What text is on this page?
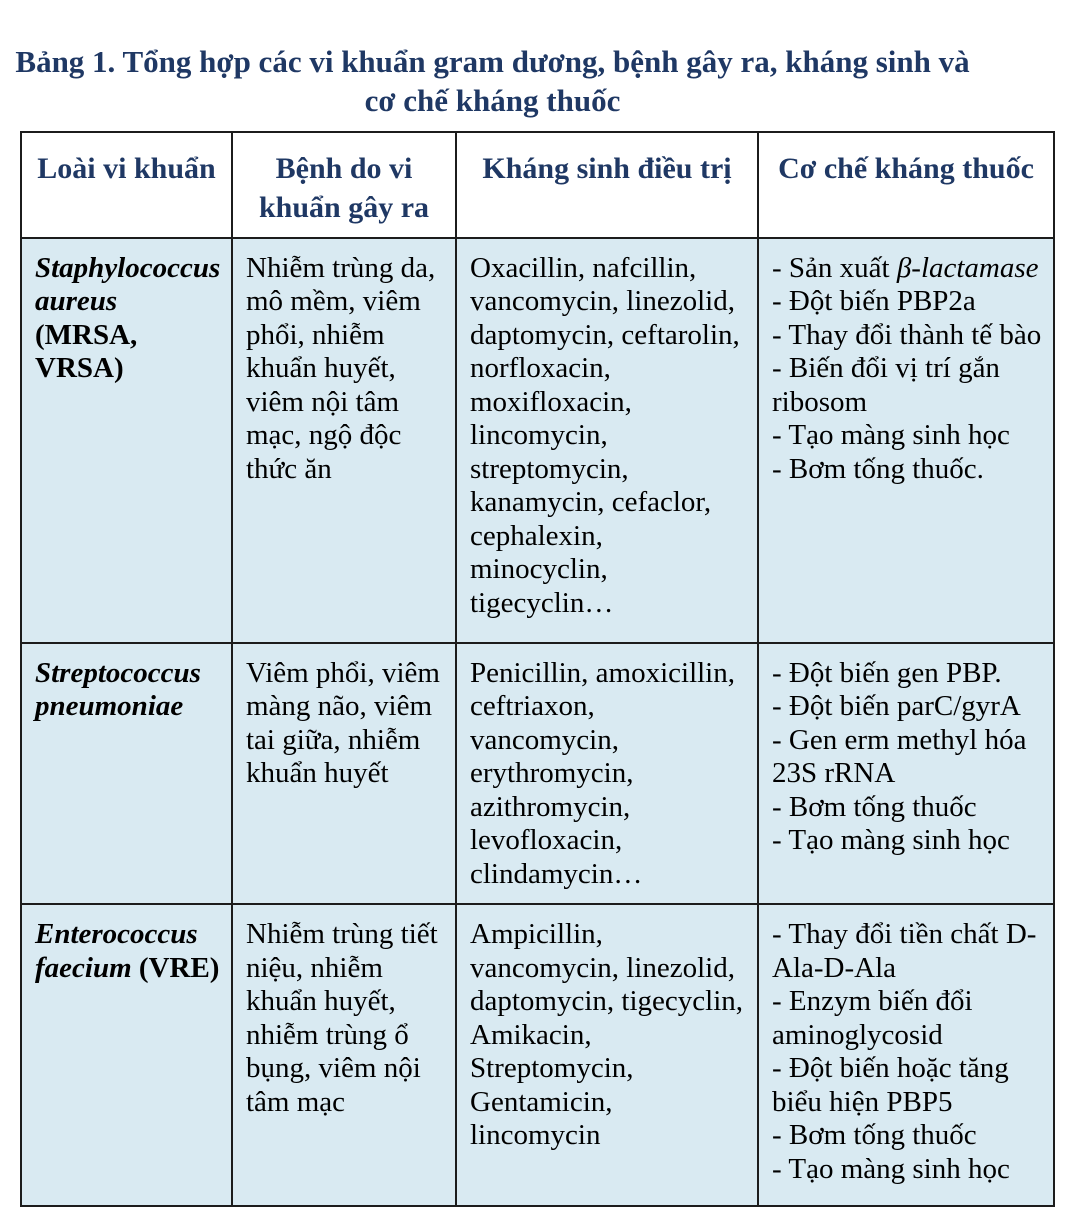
Bảng 1. Tổng hợp các vi khuẩn gram dương, bệnh gây ra, kháng sinh và
cơ chế kháng thuốc
Loài vi khuẩn	Bệnh do vi khuẩn gây ra	Kháng sinh điều trị	Cơ chế kháng thuốc
Staphylococcus aureus (MRSA, VRSA)	Nhiễm trùng da, mô mềm, viêm phổi, nhiễm khuẩn huyết, viêm nội tâm mạc, ngộ độc thức ăn	Oxacillin, nafcillin, vancomycin, linezolid, daptomycin, ceftarolin, norfloxacin, moxifloxacin, lincomycin, streptomycin, kanamycin, cefaclor, cephalexin, minocyclin, tigecyclin…	
- Sản xuất β-lactamase
- Đột biến PBP2a
- Thay đổi thành tế bào
- Biến đổi vị trí gắn ribosom
- Tạo màng sinh học
- Bơm tống thuốc.

Streptococcus pneumoniae	Viêm phổi, viêm màng não, viêm tai giữa, nhiễm khuẩn huyết	Penicillin, amoxicillin, ceftriaxon, vancomycin, erythromycin, azithromycin, levofloxacin, clindamycin…	- Đột biến gen PBP.
- Đột biến parC/gyrA
- Gen erm methyl hóa 23S rRNA
- Bơm tống thuốc
- Tạo màng sinh học

Enterococcus faecium (VRE)	Nhiễm trùng tiết niệu, nhiễm khuẩn huyết, nhiễm trùng ổ bụng, viêm nội tâm mạc	Ampicillin, vancomycin, linezolid, daptomycin, tigecyclin, Amikacin, Streptomycin, Gentamicin, lincomycin	- Thay đổi tiền chất D-Ala-D-Ala
- Enzym biến đổi aminoglycosid
- Đột biến hoặc tăng biểu hiện PBP5
- Bơm tống thuốc
- Tạo màng sinh học
